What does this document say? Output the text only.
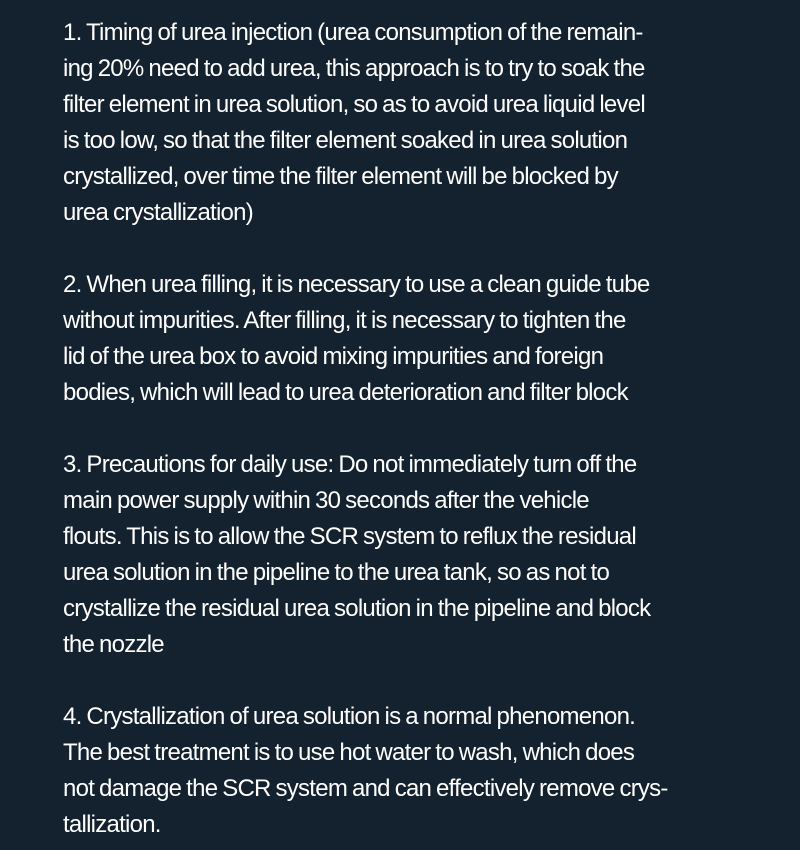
1. Timing of urea injection (urea consumption of the remain-
ing 20% need to add urea, this approach is to try to soak the
filter element in urea solution, so as to avoid urea liquid level
is too low, so that the filter element soaked in urea solution
crystallized, over time the filter element will be blocked by
urea crystallization)
2. When urea filling, it is necessary to use a clean guide tube
without impurities. After filling, it is necessary to tighten the
lid of the urea box to avoid mixing impurities and foreign
bodies, which will lead to urea deterioration and filter block
3. Precautions for daily use: Do not immediately turn off the
main power supply within 30 seconds after the vehicle
flouts. This is to allow the SCR system to reflux the residual
urea solution in the pipeline to the urea tank, so as not to
crystallize the residual urea solution in the pipeline and block
the nozzle
4. Crystallization of urea solution is a normal phenomenon.
The best treatment is to use hot water to wash, which does
not damage the SCR system and can effectively remove crys-
tallization.
